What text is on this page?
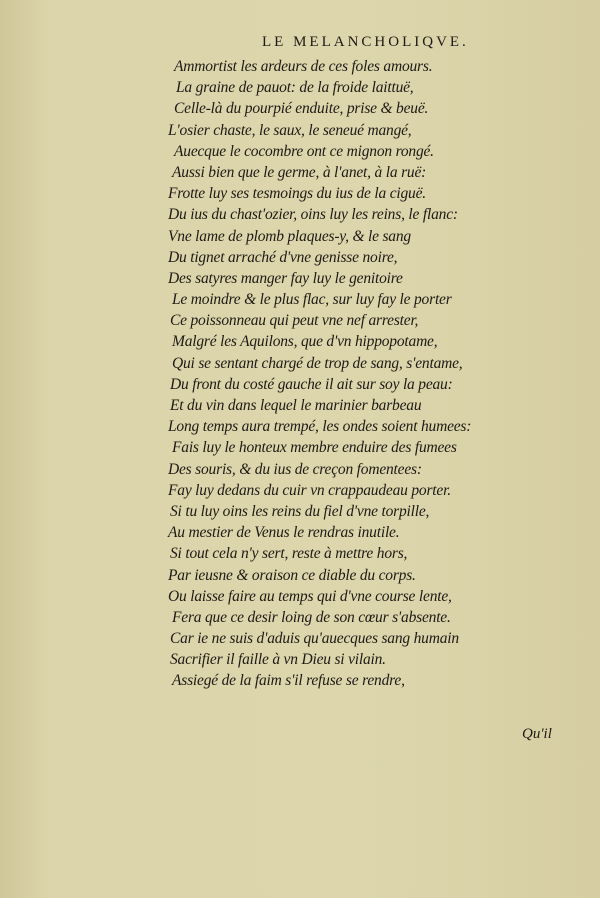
LE MELANCHOLIQVE.
Ammortist les ardeurs de ces foles amours.
La graine de pauot: de la froide laittuë,
Celle-là du pourpié enduite, prise & beuë.
L'osier chaste, le saux, le seneué mangé,
Auecque le cocombre ont ce mignon rongé.
Aussi bien que le germe, à l'anet, à la ruë:
Frotte luy ses tesmoings du ius de la ciguë.
Du ius du chast'ozier, oins luy les reins, le flanc:
Vne lame de plomb plaques-y, & le sang
Du tignet arraché d'vne genisse noire,
Des satyres manger fay luy le genitoire
Le moindre & le plus flac, sur luy fay le porter
Ce poissonneau qui peut vne nef arrester,
Malgré les Aquilons, que d'vn hippopotame,
Qui se sentant chargé de trop de sang, s'entame,
Du front du costé gauche il ait sur soy la peau:
Et du vin dans lequel le marinier barbeau
Long temps aura trempé, les ondes soient humees:
Fais luy le honteux membre enduire des fumees
Des souris, & du ius de creçon fomentees:
Fay luy dedans du cuir vn crappaudeau porter.
Si tu luy oins les reins du fiel d'vne torpille,
Au mestier de Venus le rendras inutile.
Si tout cela n'y sert, reste à mettre hors,
Par ieusne & oraison ce diable du corps.
Ou laisse faire au temps qui d'vne course lente,
Fera que ce desir loing de son cœur s'absente.
Car ie ne suis d'aduis qu'auecques sang humain
Sacrifier il faille à vn Dieu si vilain.
Assiegé de la faim s'il refuse se rendre,
Qu'il
